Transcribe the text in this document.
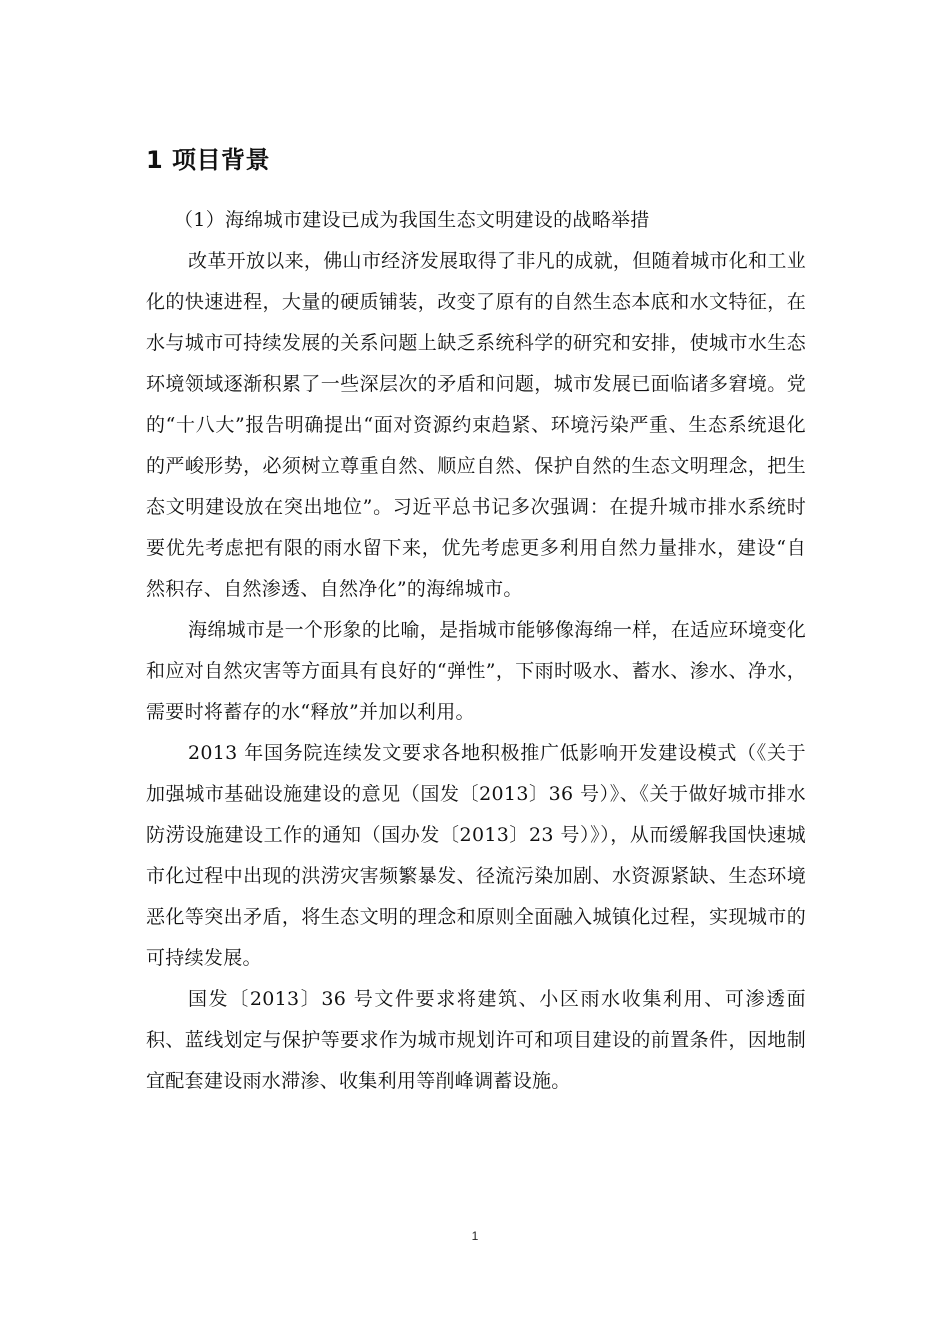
1 项目背景

（1）海绵城市建设已成为我国生态文明建设的战略举措

改革开放以来，佛山市经济发展取得了非凡的成就，但随着城市化和工业化的快速进程，大量的硬质铺装，改变了原有的自然生态本底和水文特征，在水与城市可持续发展的关系问题上缺乏系统科学的研究和安排，使城市水生态环境领域逐渐积累了一些深层次的矛盾和问题，城市发展已面临诸多窘境。党的“十八大”报告明确提出“面对资源约束趋紧、环境污染严重、生态系统退化的严峻形势，必须树立尊重自然、顺应自然、保护自然的生态文明理念，把生态文明建设放在突出地位”。习近平总书记多次强调：在提升城市排水系统时要优先考虑把有限的雨水留下来，优先考虑更多利用自然力量排水，建设“自然积存、自然渗透、自然净化”的海绵城市。

海绵城市是一个形象的比喻，是指城市能够像海绵一样，在适应环境变化和应对自然灾害等方面具有良好的“弹性”，下雨时吸水、蓄水、渗水、净水，需要时将蓄存的水“释放”并加以利用。

2013 年国务院连续发文要求各地积极推广低影响开发建设模式（《关于加强城市基础设施建设的意见（国发〔2013〕36 号）》、《关于做好城市排水防涝设施建设工作的通知（国办发〔2013〕23 号）》），从而缓解我国快速城市化过程中出现的洪涝灾害频繁暴发、径流污染加剧、水资源紧缺、生态环境恶化等突出矛盾，将生态文明的理念和原则全面融入城镇化过程，实现城市的可持续发展。

国发〔2013〕36 号文件要求将建筑、小区雨水收集利用、可渗透面积、蓝线划定与保护等要求作为城市规划许可和项目建设的前置条件，因地制宜配套建设雨水滞渗、收集利用等削峰调蓄设施。

1
